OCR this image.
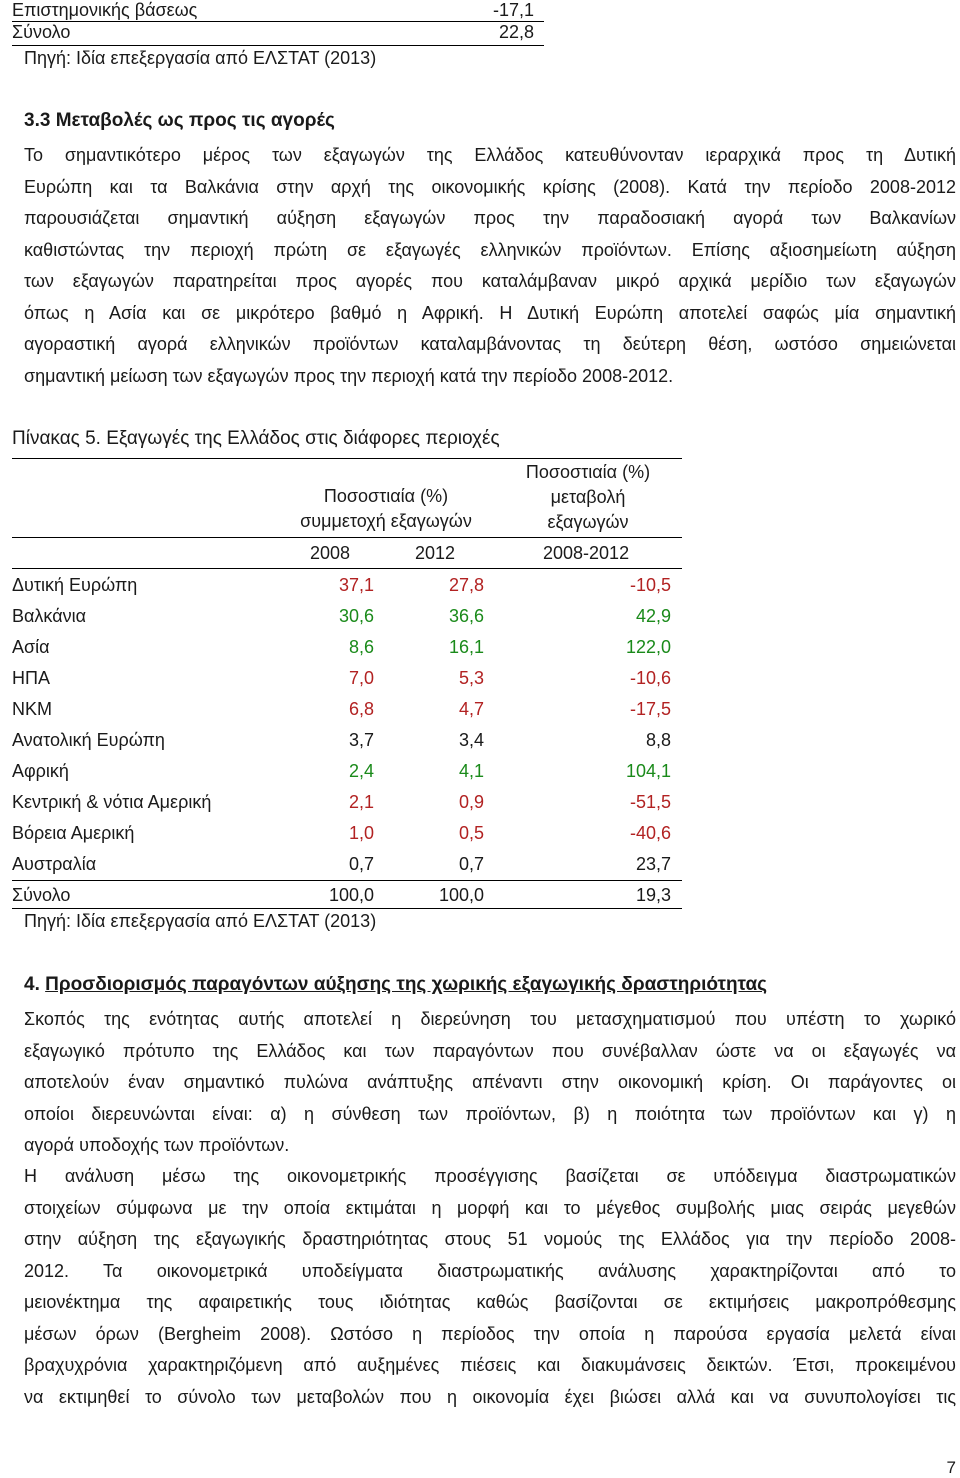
Επιστημονικής βάσεως	-17,1
Σύνολο	22,8
Πηγή: Ιδία επεξεργασία από ΕΛΣΤΑΤ (2013)
3.3 Μεταβολές ως προς τις αγορές
Το σημαντικότερο μέρος των εξαγωγών της Ελλάδος κατευθύνονταν ιεραρχικά προς τη Δυτική
Ευρώπη και τα Βαλκάνια στην αρχή της οικονομικής κρίσης (2008). Κατά την περίοδο 2008-2012
παρουσιάζεται σημαντική αύξηση εξαγωγών προς την παραδοσιακή αγορά των Βαλκανίων
καθιστώντας την περιοχή πρώτη σε εξαγωγές ελληνικών προϊόντων. Επίσης αξιοσημείωτη αύξηση
των εξαγωγών παρατηρείται προς αγορές που καταλάμβαναν μικρό αρχικά μερίδιο των εξαγωγών
όπως η Ασία και σε μικρότερο βαθμό η Αφρική. Η Δυτική Ευρώπη αποτελεί σαφώς μία σημαντική
αγοραστική αγορά ελληνικών προϊόντων καταλαμβάνοντας τη δεύτερη θέση, ωστόσο σημειώνεται
σημαντική μείωση των εξαγωγών προς την περιοχή κατά την περίοδο 2008-2012.
Πίνακας 5. Εξαγωγές της Ελλάδος στις διάφορες περιοχές
Ποσοστιαία (%)
συμμετοχή εξαγωγών
Ποσοστιαία (%)
μεταβολή
εξαγωγών
2008	2012	2008-2012
Δυτική Ευρώπη	37,1	27,8	-10,5
Βαλκάνια	30,6	36,6	42,9
Ασία	8,6	16,1	122,0
ΗΠΑ	7,0	5,3	-10,6
ΝΚΜ	6,8	4,7	-17,5
Ανατολική Ευρώπη	3,7	3,4	8,8
Αφρική	2,4	4,1	104,1
Κεντρική & νότια Αμερική	2,1	0,9	-51,5
Βόρεια Αμερική	1,0	0,5	-40,6
Αυστραλία	0,7	0,7	23,7
Σύνολο	100,0	100,0	19,3
Πηγή: Ιδία επεξεργασία από ΕΛΣΤΑΤ (2013)
4. Προσδιορισμός παραγόντων αύξησης της χωρικής εξαγωγικής δραστηριότητας
Σκοπός της ενότητας αυτής αποτελεί η διερεύνηση του μετασχηματισμού που υπέστη το χωρικό
εξαγωγικό πρότυπο της Ελλάδος και των παραγόντων που συνέβαλλαν ώστε να οι εξαγωγές να
αποτελούν έναν σημαντικό πυλώνα ανάπτυξης απέναντι στην οικονομική κρίση. Οι παράγοντες οι
οποίοι διερευνώνται είναι: α) η σύνθεση των προϊόντων, β) η ποιότητα των προϊόντων και γ) η
αγορά υποδοχής των προϊόντων.
Η ανάλυση μέσω της οικονομετρικής προσέγγισης βασίζεται σε υπόδειγμα διαστρωματικών
στοιχείων σύμφωνα με την οποία εκτιμάται η μορφή και το μέγεθος συμβολής μιας σειράς μεγεθών
στην αύξηση της εξαγωγικής δραστηριότητας στους 51 νομούς της Ελλάδος για την περίοδο 2008-
2012. Τα οικονομετρικά υποδείγματα διαστρωματικής ανάλυσης χαρακτηρίζονται από το
μειονέκτημα της αφαιρετικής τους ιδιότητας καθώς βασίζονται σε εκτιμήσεις μακροπρόθεσμης
μέσων όρων (Bergheim 2008). Ωστόσο η περίοδος την οποία η παρούσα εργασία μελετά είναι
βραχυχρόνια χαρακτηριζόμενη από αυξημένες πιέσεις και διακυμάνσεις δεικτών. Έτσι, προκειμένου
να εκτιμηθεί το σύνολο των μεταβολών που η οικονομία έχει βιώσει αλλά και να συνυπολογίσει τις
7
